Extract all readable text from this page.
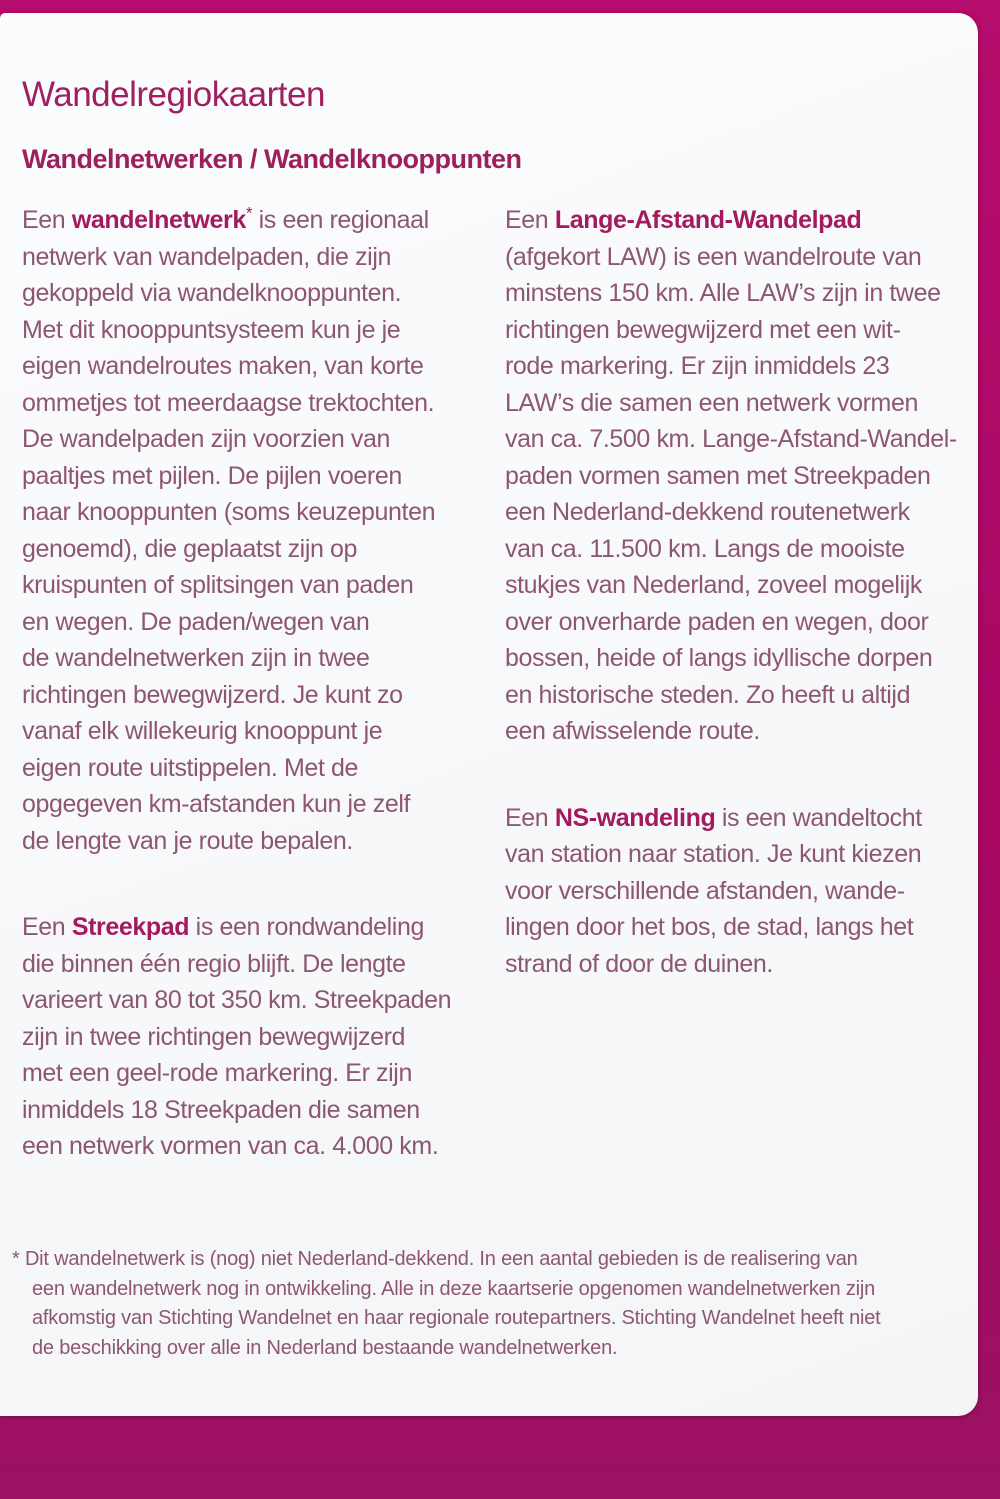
Wandelregiokaarten
Wandelnetwerken / Wandelknooppunten

Een wandelnetwerk* is een regionaal
netwerk van wandelpaden, die zijn
gekoppeld via wandelknooppunten.
Met dit knooppuntsysteem kun je je
eigen wandelroutes maken, van korte
ommetjes tot meerdaagse trektochten.
De wandelpaden zijn voorzien van
paaltjes met pijlen. De pijlen voeren
naar knooppunten (soms keuzepunten
genoemd), die geplaatst zijn op
kruispunten of splitsingen van paden
en wegen. De paden/wegen van
de wandelnetwerken zijn in twee
richtingen bewegwijzerd. Je kunt zo
vanaf elk willekeurig knooppunt je
eigen route uitstippelen. Met de
opgegeven km-afstanden kun je zelf
de lengte van je route bepalen.

Een Streekpad is een rondwandeling
die binnen één regio blijft. De lengte
varieert van 80 tot 350 km. Streekpaden
zijn in twee richtingen bewegwijzerd
met een geel-rode markering. Er zijn
inmiddels 18 Streekpaden die samen
een netwerk vormen van ca. 4.000 km.

Een Lange-Afstand-Wandelpad
(afgekort LAW) is een wandelroute van
minstens 150 km. Alle LAW’s zijn in twee
richtingen bewegwijzerd met een wit-
rode markering. Er zijn inmiddels 23
LAW’s die samen een netwerk vormen
van ca. 7.500 km. Lange-Afstand-Wandel-
paden vormen samen met Streekpaden
een Nederland-dekkend routenetwerk
van ca. 11.500 km. Langs de mooiste
stukjes van Nederland, zoveel mogelijk
over onverharde paden en wegen, door
bossen, heide of langs idyllische dorpen
en historische steden. Zo heeft u altijd
een afwisselende route.

Een NS-wandeling is een wandeltocht
van station naar station. Je kunt kiezen
voor verschillende afstanden, wande-
lingen door het bos, de stad, langs het
strand of door de duinen.

* Dit wandelnetwerk is (nog) niet Nederland-dekkend. In een aantal gebieden is de realisering van
een wandelnetwerk nog in ontwikkeling. Alle in deze kaartserie opgenomen wandelnetwerken zijn
afkomstig van Stichting Wandelnet en haar regionale routepartners. Stichting Wandelnet heeft niet
de beschikking over alle in Nederland bestaande wandelnetwerken.
